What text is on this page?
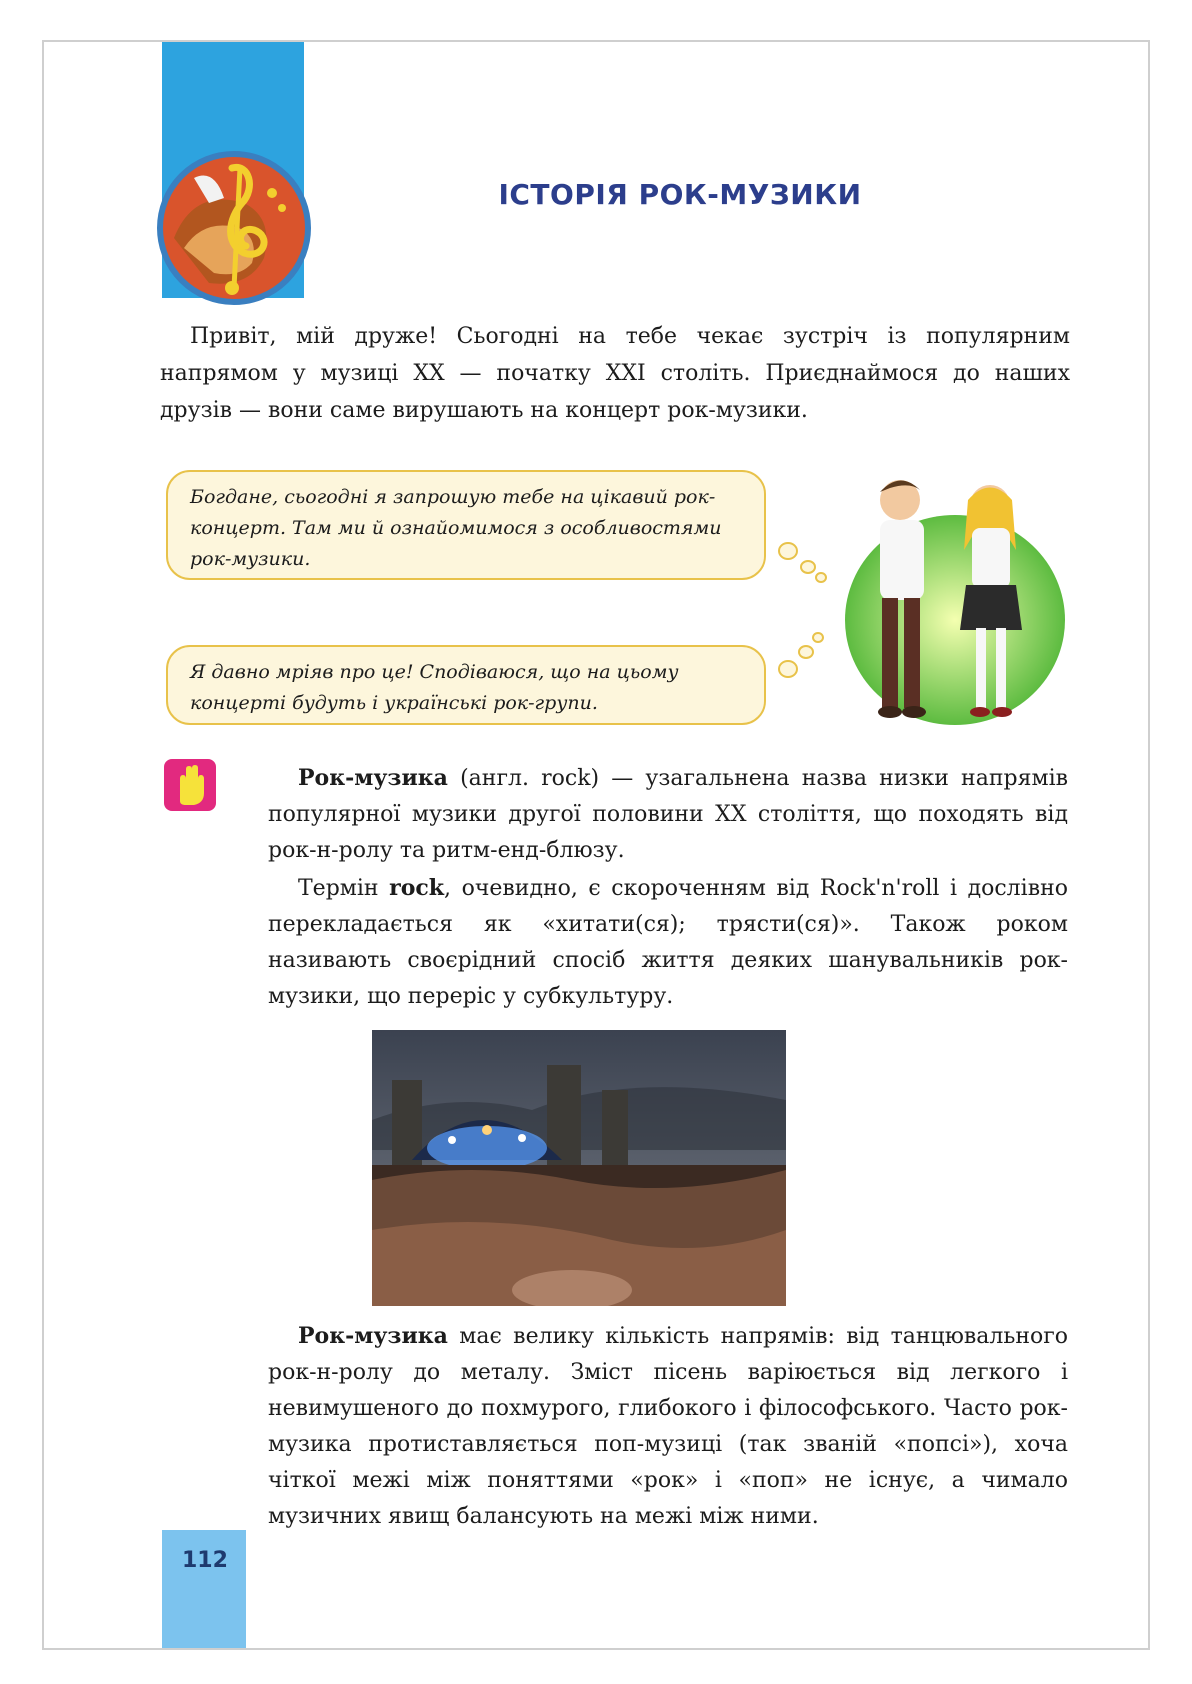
ІСТОРІЯ РОК-МУЗИКИ
Привіт, мій друже! Сьогодні на тебе чекає зустріч із популярним напрямом у музиці XX — початку XXI століть. Приєднаймося до наших друзів — вони саме вирушають на концерт рок-музики.
Богдане, сьогодні я запрошую тебе на цікавий рок-концерт. Там ми й ознайомимося з особливостями рок-музики.
Я давно мріяв про це! Сподіваюся, що на цьому концерті будуть і українські рок-групи.
Рок-музика (англ. rock) — узагальнена назва низки напрямів популярної музики другої половини XX століття, що походять від рок-н-ролу та ритм-енд-блюзу.
Термін rock, очевидно, є скороченням від Rock'n'roll і дослівно перекладається як «хитати(ся); трясти(ся)». Також роком називають своєрідний спосіб життя деяких шанувальників рок-музики, що переріс у субкультуру.
Рок-музика має велику кількість напрямів: від танцювального рок-н-ролу до металу. Зміст пісень варіюється від легкого і невимушеного до похмурого, глибокого і філософського. Часто рок-музика протиставляється поп-музиці (так званій «попсі»), хоча чіткої межі між поняттями «рок» і «поп» не існує, а чимало музичних явищ балансують на межі між ними.
112
